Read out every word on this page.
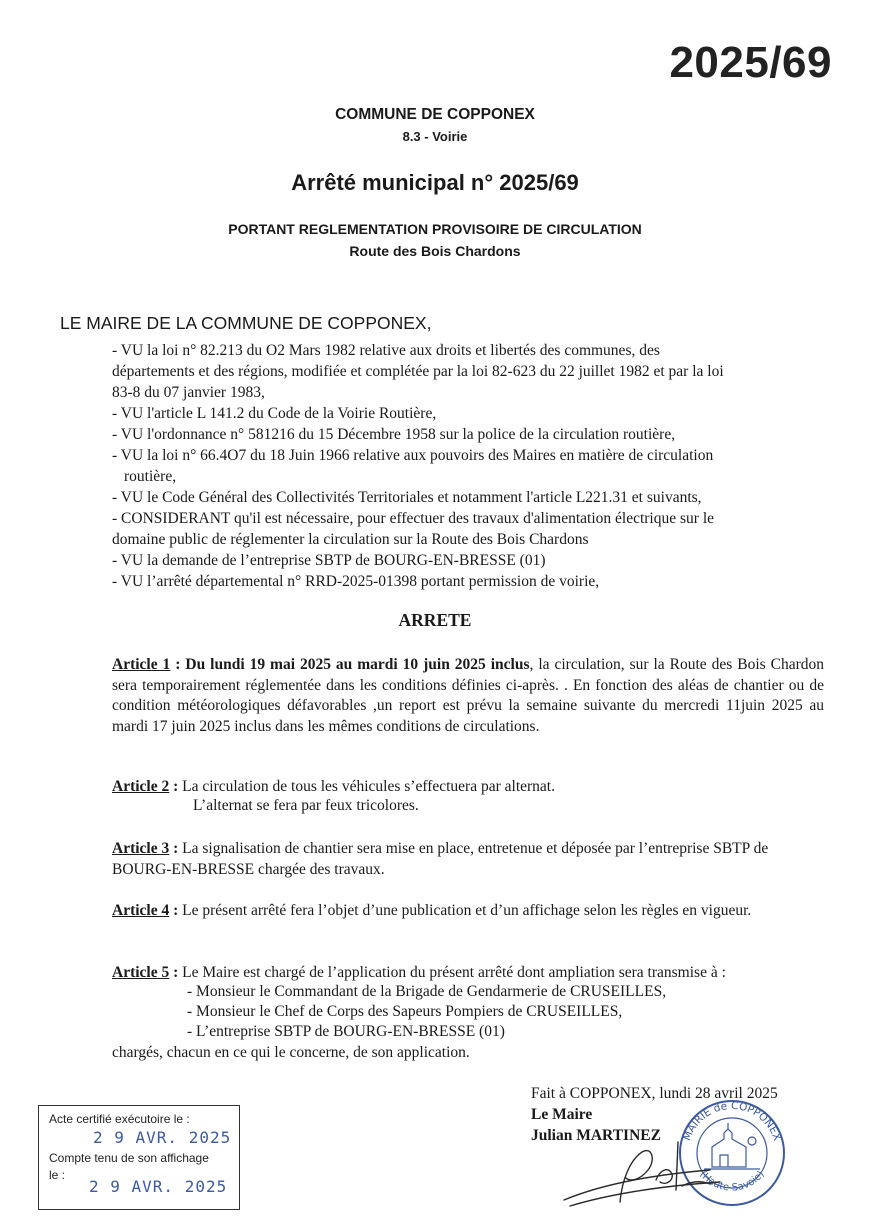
2025/69
COMMUNE DE COPPONEX
8.3 - Voirie
Arrêté municipal n° 2025/69
PORTANT REGLEMENTATION PROVISOIRE DE CIRCULATION
Route des Bois Chardons
LE MAIRE DE LA COMMUNE DE COPPONEX,
- VU la loi n° 82.213 du O2 Mars 1982 relative aux droits et libertés des communes, des
départements et des régions, modifiée et complétée par la loi 82-623 du 22 juillet 1982 et par la loi
83-8 du 07 janvier 1983,
- VU l'article L 141.2 du Code de la Voirie Routière,
- VU l'ordonnance n° 581216 du 15 Décembre 1958 sur la police de la circulation routière,
- VU la loi n° 66.4O7 du 18 Juin 1966 relative aux pouvoirs des Maires en matière de circulation
routière,
- VU le Code Général des Collectivités Territoriales et notamment l'article L221.31 et suivants,
- CONSIDERANT qu'il est nécessaire, pour effectuer des travaux d'alimentation électrique sur le
domaine public de réglementer la circulation sur la Route des Bois Chardons
- VU la demande de l’entreprise SBTP de BOURG-EN-BRESSE (01)
- VU l’arrêté départemental n° RRD-2025-01398 portant permission de voirie,
ARRETE
Article 1 : Du lundi 19 mai 2025 au mardi 10 juin 2025 inclus, la circulation, sur la Route des Bois Chardon sera temporairement réglementée dans les conditions définies ci-après. . En fonction des aléas de chantier ou de condition météorologiques défavorables ,un report est prévu la semaine suivante du mercredi 11juin 2025 au mardi 17 juin 2025 inclus dans les mêmes conditions de circulations.
Article 2 : La circulation de tous les véhicules s’effectuera par alternat.
L’alternat se fera par feux tricolores.
Article 3 : La signalisation de chantier sera mise en place, entretenue et déposée par l’entreprise SBTP de BOURG-EN-BRESSE chargée des travaux.
Article 4 : Le présent arrêté fera l’objet d’une publication et d’un affichage selon les règles en vigueur.
Article 5 : Le Maire est chargé de l’application du présent arrêté dont ampliation sera transmise à :
- Monsieur le Commandant de la Brigade de Gendarmerie de CRUSEILLES,
- Monsieur le Chef de Corps des Sapeurs Pompiers de CRUSEILLES,
- L’entreprise SBTP de BOURG-EN-BRESSE (01)
chargés, chacun en ce qui le concerne, de son application.
Fait à COPPONEX, lundi 28 avril 2025
Le Maire
Julian MARTINEZ MAIRIE de COPPONEX
(Haute-Savoie)
Acte certifié exécutoire le :
2 9 AVR. 2025
Compte tenu de son affichage
le :
2 9 AVR. 2025
